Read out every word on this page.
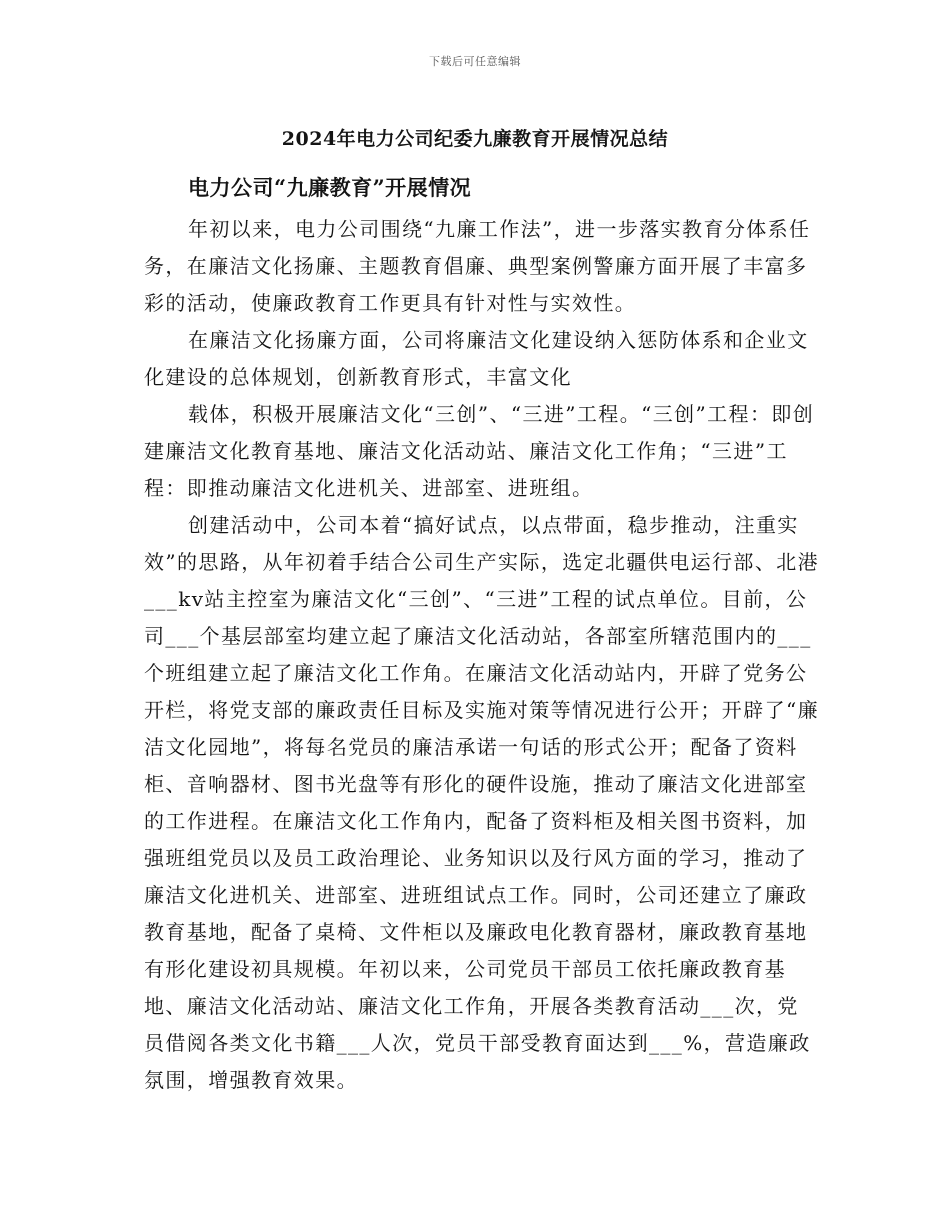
下载后可任意编辑
2024年电力公司纪委九廉教育开展情况总结
电力公司“九廉教育”开展情况

年初以来，电力公司围绕“九廉工作法”，进一步落实教育分体系任务，在廉洁文化扬廉、主题教育倡廉、典型案例警廉方面开展了丰富多彩的活动，使廉政教育工作更具有针对性与实效性。

在廉洁文化扬廉方面，公司将廉洁文化建设纳入惩防体系和企业文化建设的总体规划，创新教育形式，丰富文化

载体，积极开展廉洁文化“三创”、“三进”工程。“三创”工程：即创建廉洁文化教育基地、廉洁文化活动站、廉洁文化工作角；“三进”工程：即推动廉洁文化进机关、进部室、进班组。

创建活动中，公司本着“搞好试点，以点带面，稳步推动，注重实效”的思路，从年初着手结合公司生产实际，选定北疆供电运行部、北港___kv站主控室为廉洁文化“三创”、“三进”工程的试点单位。目前，公司___个基层部室均建立起了廉洁文化活动站，各部室所辖范围内的___个班组建立起了廉洁文化工作角。在廉洁文化活动站内，开辟了党务公开栏，将党支部的廉政责任目标及实施对策等情况进行公开；开辟了“廉洁文化园地”，将每名党员的廉洁承诺一句话的形式公开；配备了资料柜、音响器材、图书光盘等有形化的硬件设施，推动了廉洁文化进部室的工作进程。在廉洁文化工作角内，配备了资料柜及相关图书资料，加强班组党员以及员工政治理论、业务知识以及行风方面的学习，推动了廉洁文化进机关、进部室、进班组试点工作。同时，公司还建立了廉政教育基地，配备了桌椅、文件柜以及廉政电化教育器材，廉政教育基地有形化建设初具规模。年初以来，公司党员干部员工依托廉政教育基地、廉洁文化活动站、廉洁文化工作角，开展各类教育活动___次，党员借阅各类文化书籍___人次，党员干部受教育面达到___%，营造廉政氛围，增强教育效果。
